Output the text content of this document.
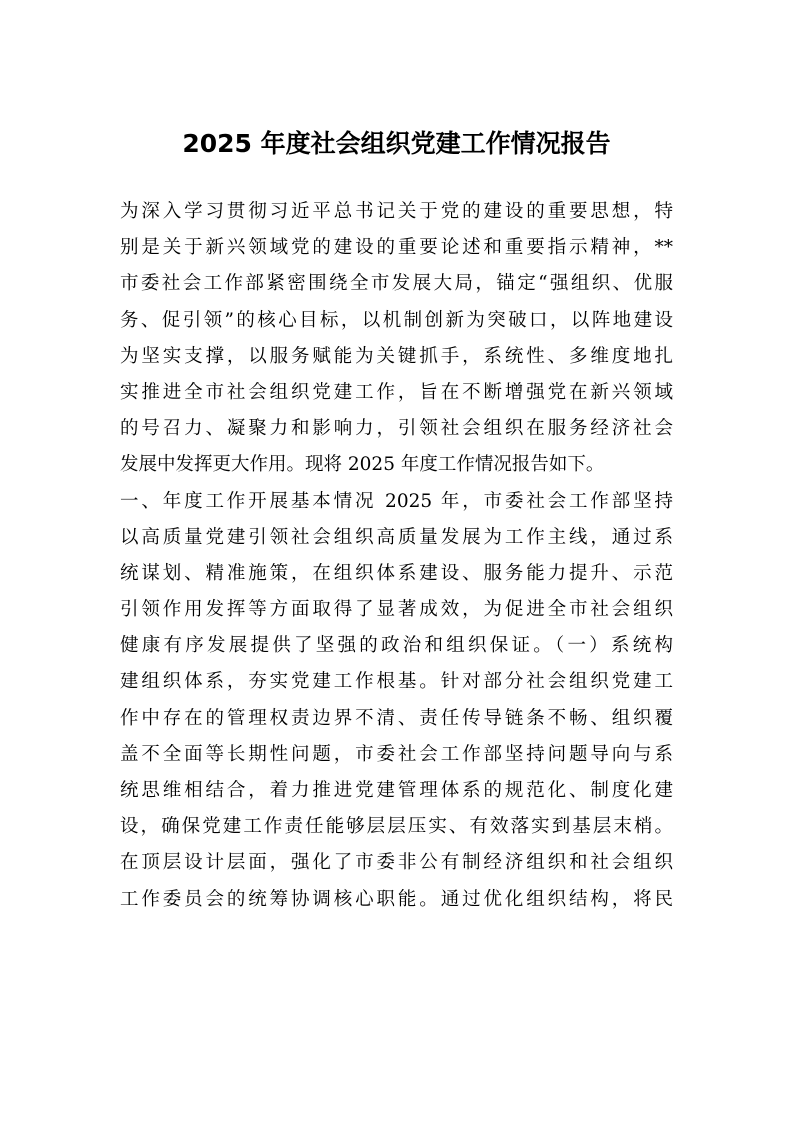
2025 年度社会组织党建工作情况报告

为深入学习贯彻习近平总书记关于党的建设的重要思想，特

别是关于新兴领域党的建设的重要论述和重要指示精神，**

市委社会工作部紧密围绕全市发展大局，锚定“强组织、优服

务、促引领”的核心目标，以机制创新为突破口，以阵地建设

为坚实支撑，以服务赋能为关键抓手，系统性、多维度地扎

实推进全市社会组织党建工作，旨在不断增强党在新兴领域

的号召力、凝聚力和影响力，引领社会组织在服务经济社会

发展中发挥更大作用。现将 2025 年度工作情况报告如下。

一、年度工作开展基本情况 2025 年，市委社会工作部坚持

以高质量党建引领社会组织高质量发展为工作主线，通过系

统谋划、精准施策，在组织体系建设、服务能力提升、示范

引领作用发挥等方面取得了显著成效，为促进全市社会组织

健康有序发展提供了坚强的政治和组织保证。（一）系统构

建组织体系，夯实党建工作根基。针对部分社会组织党建工

作中存在的管理权责边界不清、责任传导链条不畅、组织覆

盖不全面等长期性问题，市委社会工作部坚持问题导向与系

统思维相结合，着力推进党建管理体系的规范化、制度化建

设，确保党建工作责任能够层层压实、有效落实到基层末梢。

在顶层设计层面，强化了市委非公有制经济组织和社会组织

工作委员会的统筹协调核心职能。通过优化组织结构，将民
